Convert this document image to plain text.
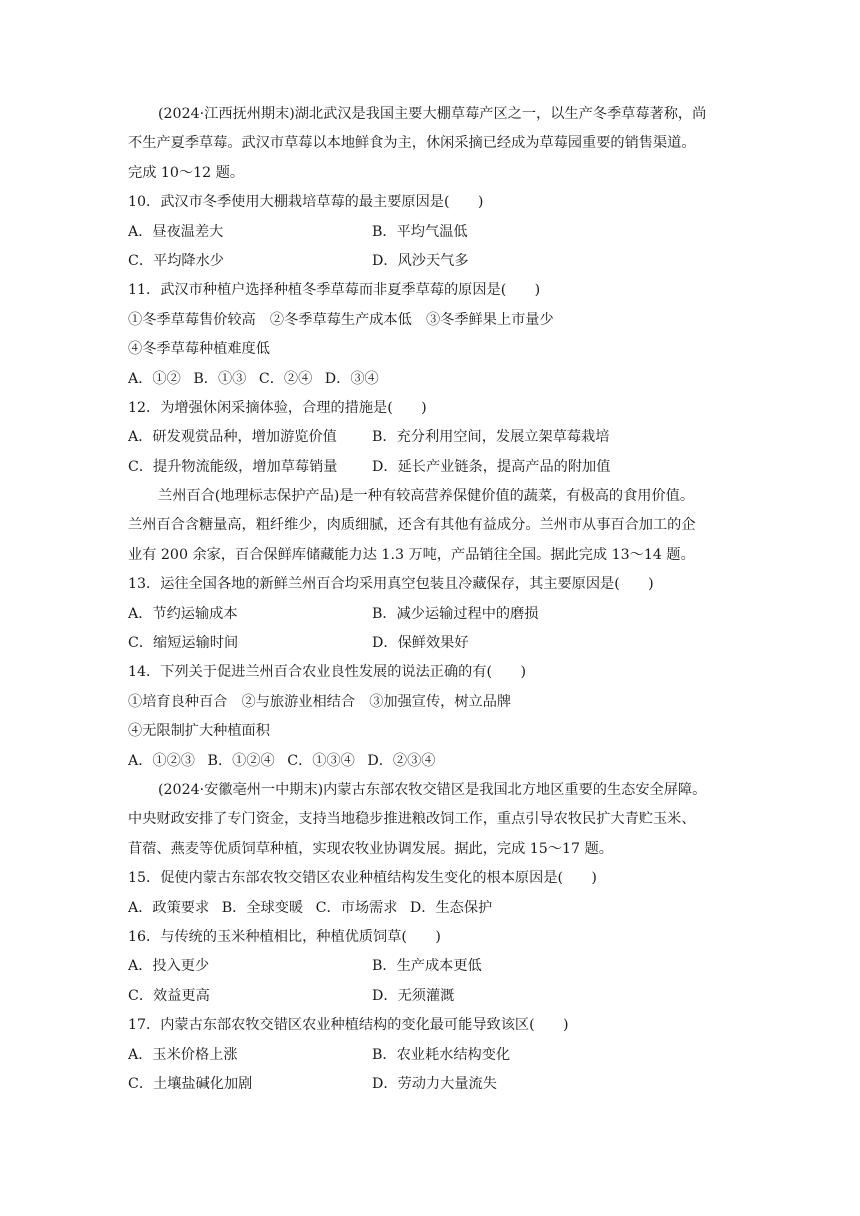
(2024·江西抚州期末)湖北武汉是我国主要大棚草莓产区之一，以生产冬季草莓著称，尚
不生产夏季草莓。武汉市草莓以本地鲜食为主，休闲采摘已经成为草莓园重要的销售渠道。
完成 10～12 题。
10．武汉市冬季使用大棚栽培草莓的最主要原因是(　　)
A．昼夜温差大	B．平均气温低
C．平均降水少	D．风沙天气多
11．武汉市种植户选择种植冬季草莓而非夏季草莓的原因是(　　)
①冬季草莓售价较高　②冬季草莓生产成本低　③冬季鲜果上市量少
④冬季草莓种植难度低
A．①② B．①③ C．②④ D．③④
12．为增强休闲采摘体验，合理的措施是(　　)
A．研发观赏品种，增加游览价值	B．充分利用空间，发展立架草莓栽培
C．提升物流能级，增加草莓销量	D．延长产业链条，提高产品的附加值
兰州百合(地理标志保护产品)是一种有较高营养保健价值的蔬菜，有极高的食用价值。
兰州百合含糖量高，粗纤维少，肉质细腻，还含有其他有益成分。兰州市从事百合加工的企
业有 200 余家，百合保鲜库储藏能力达 1.3 万吨，产品销往全国。据此完成 13～14 题。
13．运往全国各地的新鲜兰州百合均采用真空包装且冷藏保存，其主要原因是(　　)
A．节约运输成本	B．减少运输过程中的磨损
C．缩短运输时间	D．保鲜效果好
14．下列关于促进兰州百合农业良性发展的说法正确的有(　　)
①培育良种百合　②与旅游业相结合　③加强宣传，树立品牌
④无限制扩大种植面积
A．①②③ B．①②④ C．①③④ D．②③④
(2024·安徽亳州一中期末)内蒙古东部农牧交错区是我国北方地区重要的生态安全屏障。
中央财政安排了专门资金，支持当地稳步推进粮改饲工作，重点引导农牧民扩大青贮玉米、
苜蓿、燕麦等优质饲草种植，实现农牧业协调发展。据此，完成 15～17 题。
15．促使内蒙古东部农牧交错区农业种植结构发生变化的根本原因是(　　)
A．政策要求 B．全球变暖 C．市场需求 D．生态保护
16．与传统的玉米种植相比，种植优质饲草(　　)
A．投入更少	B．生产成本更低
C．效益更高	D．无须灌溉
17．内蒙古东部农牧交错区农业种植结构的变化最可能导致该区(　　)
A．玉米价格上涨	B．农业耗水结构变化
C．土壤盐碱化加剧	D．劳动力大量流失
